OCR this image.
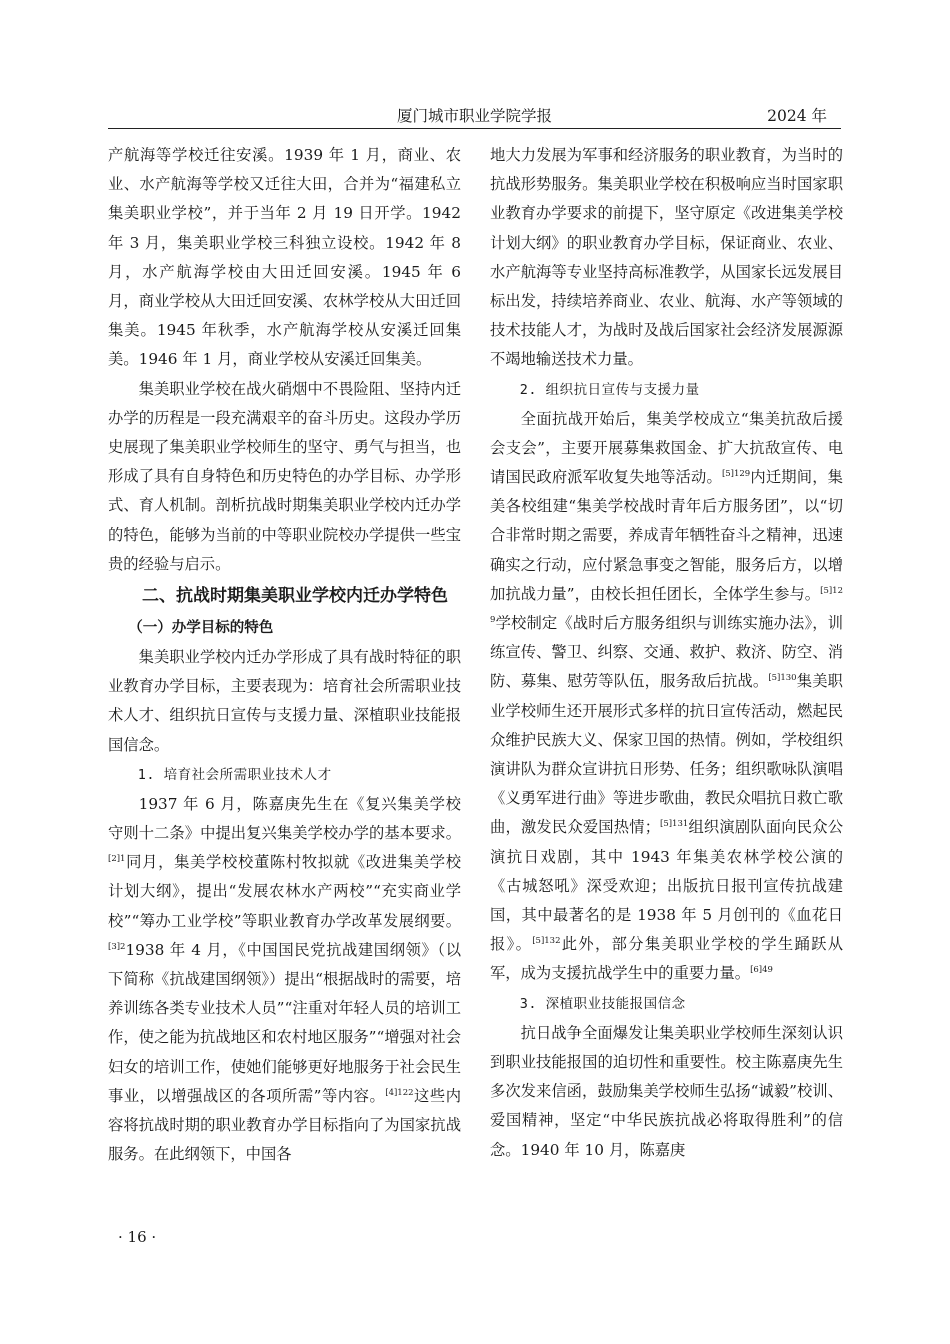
厦门城市职业学院学报	2024 年

产航海等学校迁往安溪。1939 年 1 月，商业、农业、水产航海等学校又迁往大田，合并为“福建私立集美职业学校”，并于当年 2 月 19 日开学。1942 年 3 月，集美职业学校三科独立设校。1942 年 8 月，水产航海学校由大田迁回安溪。1945 年 6 月，商业学校从大田迁回安溪、农林学校从大田迁回集美。1945 年秋季，水产航海学校从安溪迁回集美。1946 年 1 月，商业学校从安溪迁回集美。

集美职业学校在战火硝烟中不畏险阻、坚持内迁办学的历程是一段充满艰辛的奋斗历史。这段办学历史展现了集美职业学校师生的坚守、勇气与担当，也形成了具有自身特色和历史特色的办学目标、办学形式、育人机制。剖析抗战时期集美职业学校内迁办学的特色，能够为当前的中等职业院校办学提供一些宝贵的经验与启示。

二、抗战时期集美职业学校内迁办学特色

（一）办学目标的特色

集美职业学校内迁办学形成了具有战时特征的职业教育办学目标，主要表现为：培育社会所需职业技术人才、组织抗日宣传与支援力量、深植职业技能报国信念。

1. 培育社会所需职业技术人才

1937 年 6 月，陈嘉庚先生在《复兴集美学校守则十二条》中提出复兴集美学校办学的基本要求。$^{[2]1}$同月，集美学校校董陈村牧拟就《改进集美学校计划大纲》，提出“发展农林水产两校”“充实商业学校”“筹办工业学校”等职业教育办学改革发展纲要。$^{[3]2}$1938 年 4 月，《中国国民党抗战建国纲领》（以下简称《抗战建国纲领》）提出“根据战时的需要，培养训练各类专业技术人员”“注重对年轻人员的培训工作，使之能为抗战地区和农村地区服务”“增强对社会妇女的培训工作，使她们能够更好地服务于社会民生事业，以增强战区的各项所需”等内容。$^{[4]122}$这些内容将抗战时期的职业教育办学目标指向了为国家抗战服务。在此纲领下，中国各

地大力发展为军事和经济服务的职业教育，为当时的抗战形势服务。集美职业学校在积极响应当时国家职业教育办学要求的前提下，坚守原定《改进集美学校计划大纲》的职业教育办学目标，保证商业、农业、水产航海等专业坚持高标准教学，从国家长远发展目标出发，持续培养商业、农业、航海、水产等领域的技术技能人才，为战时及战后国家社会经济发展源源不竭地输送技术力量。

2. 组织抗日宣传与支援力量

全面抗战开始后，集美学校成立“集美抗敌后援会支会”，主要开展募集救国金、扩大抗敌宣传、电请国民政府派军收复失地等活动。$^{[5]129}$内迁期间，集美各校组建“集美学校战时青年后方服务团”，以“切合非常时期之需要，养成青年牺牲奋斗之精神，迅速确实之行动，应付紧急事变之智能，服务后方，以增加抗战力量”，由校长担任团长，全体学生参与。$^{[5]129}$学校制定《战时后方服务组织与训练实施办法》，训练宣传、警卫、纠察、交通、救护、救济、防空、消防、募集、慰劳等队伍，服务敌后抗战。$^{[5]130}$集美职业学校师生还开展形式多样的抗日宣传活动，燃起民众维护民族大义、保家卫国的热情。例如，学校组织演讲队为群众宣讲抗日形势、任务；组织歌咏队演唱《义勇军进行曲》等进步歌曲，教民众唱抗日救亡歌曲，激发民众爱国热情；$^{[5]131}$组织演剧队面向民众公演抗日戏剧，其中 1943 年集美农林学校公演的《古城怒吼》深受欢迎；出版抗日报刊宣传抗战建国，其中最著名的是 1938 年 5 月创刊的《血花日报》。$^{[5]132}$此外，部分集美职业学校的学生踊跃从军，成为支援抗战学生中的重要力量。$^{[6]49}$

3. 深植职业技能报国信念

抗日战争全面爆发让集美职业学校师生深刻认识到职业技能报国的迫切性和重要性。校主陈嘉庚先生多次发来信函，鼓励集美学校师生弘扬“诚毅”校训、爱国精神，坚定“中华民族抗战必将取得胜利”的信念。1940 年 10 月，陈嘉庚

· 16 ·
